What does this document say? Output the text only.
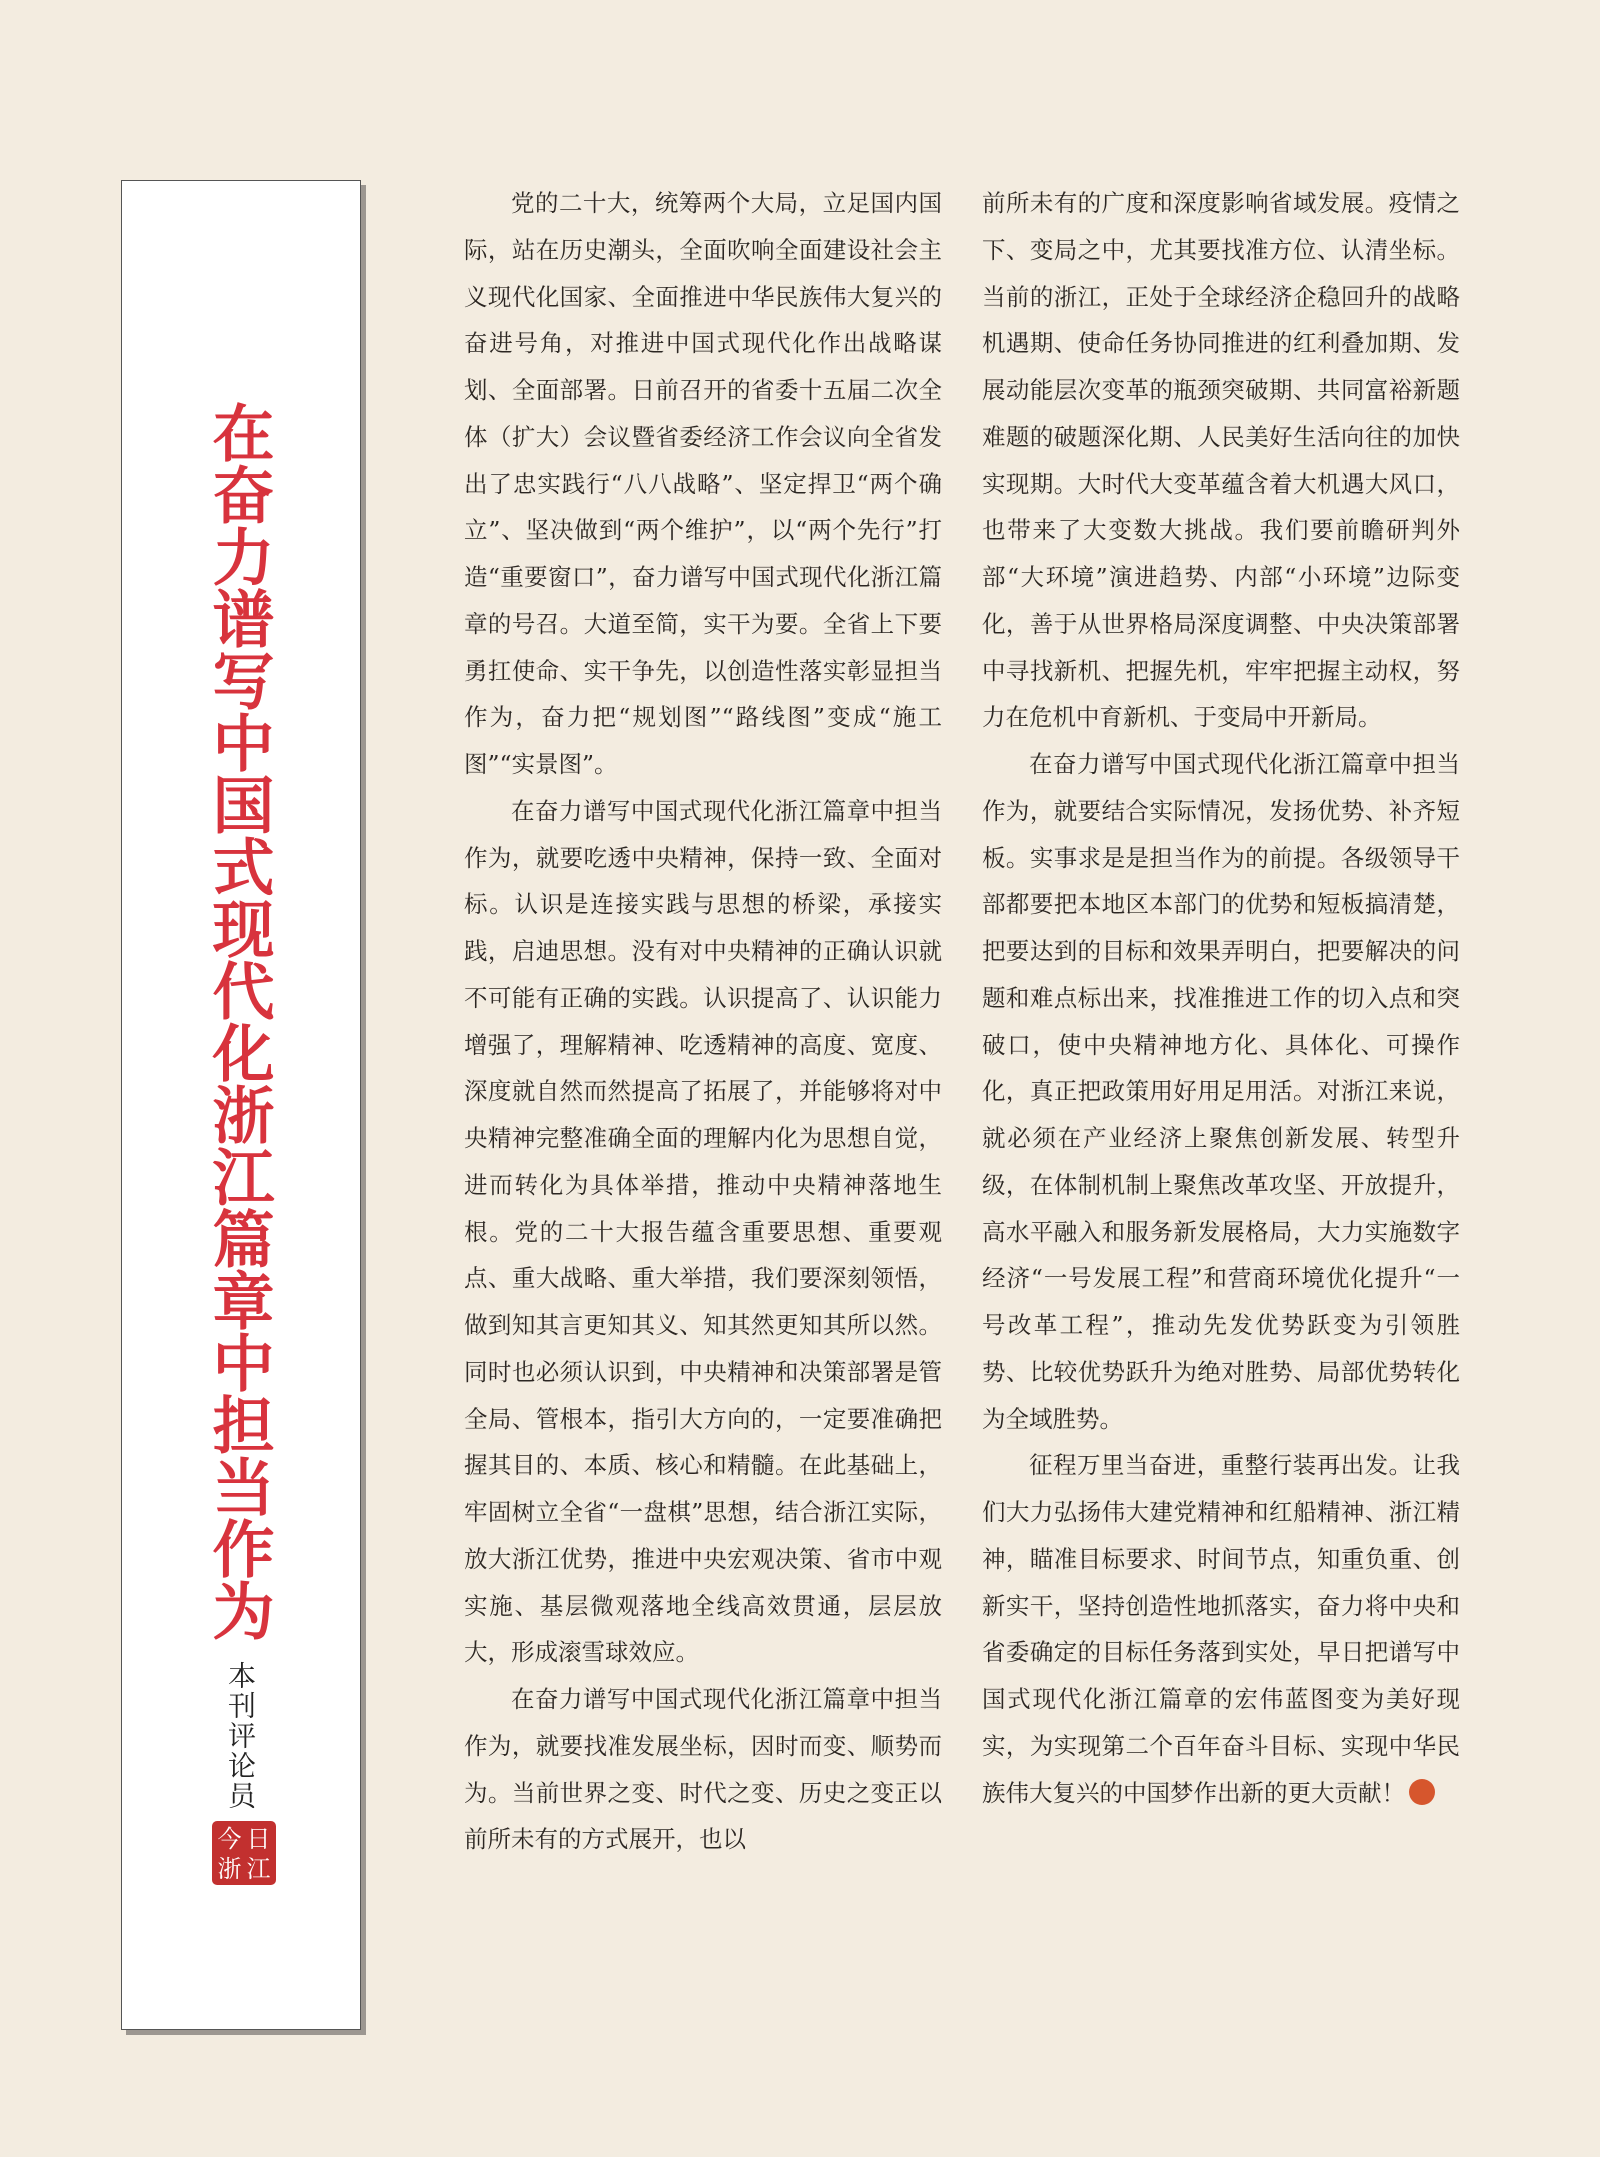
在奋力谱写中国式现代化浙江篇章中担当作为
本刊评论员
今 日
浙 江

党的二十大，统筹两个大局，立足国内国际，站在历史潮头，全面吹响全面建设社会主义现代化国家、全面推进中华民族伟大复兴的奋进号角，对推进中国式现代化作出战略谋划、全面部署。日前召开的省委十五届二次全体（扩大）会议暨省委经济工作会议向全省发出了忠实践行“八八战略”、坚定捍卫“两个确立”、坚决做到“两个维护”，以“两个先行”打造“重要窗口”，奋力谱写中国式现代化浙江篇章的号召。大道至简，实干为要。全省上下要勇扛使命、实干争先，以创造性落实彰显担当作为，奋力把“规划图”“路线图”变成“施工图”“实景图”。

在奋力谱写中国式现代化浙江篇章中担当作为，就要吃透中央精神，保持一致、全面对标。认识是连接实践与思想的桥梁，承接实践，启迪思想。没有对中央精神的正确认识就不可能有正确的实践。认识提高了、认识能力增强了，理解精神、吃透精神的高度、宽度、深度就自然而然提高了拓展了，并能够将对中央精神完整准确全面的理解内化为思想自觉，进而转化为具体举措，推动中央精神落地生根。党的二十大报告蕴含重要思想、重要观点、重大战略、重大举措，我们要深刻领悟，做到知其言更知其义、知其然更知其所以然。同时也必须认识到，中央精神和决策部署是管全局、管根本，指引大方向的，一定要准确把握其目的、本质、核心和精髓。在此基础上，牢固树立全省“一盘棋”思想，结合浙江实际，放大浙江优势，推进中央宏观决策、省市中观实施、基层微观落地全线高效贯通，层层放大，形成滚雪球效应。

在奋力谱写中国式现代化浙江篇章中担当作为，就要找准发展坐标，因时而变、顺势而为。当前世界之变、时代之变、历史之变正以前所未有的方式展开，也以

前所未有的广度和深度影响省域发展。疫情之下、变局之中，尤其要找准方位、认清坐标。当前的浙江，正处于全球经济企稳回升的战略机遇期、使命任务协同推进的红利叠加期、发展动能层次变革的瓶颈突破期、共同富裕新题难题的破题深化期、人民美好生活向往的加快实现期。大时代大变革蕴含着大机遇大风口，也带来了大变数大挑战。我们要前瞻研判外部“大环境”演进趋势、内部“小环境”边际变化，善于从世界格局深度调整、中央决策部署中寻找新机、把握先机，牢牢把握主动权，努力在危机中育新机、于变局中开新局。

在奋力谱写中国式现代化浙江篇章中担当作为，就要结合实际情况，发扬优势、补齐短板。实事求是是担当作为的前提。各级领导干部都要把本地区本部门的优势和短板搞清楚，把要达到的目标和效果弄明白，把要解决的问题和难点标出来，找准推进工作的切入点和突破口，使中央精神地方化、具体化、可操作化，真正把政策用好用足用活。对浙江来说，就必须在产业经济上聚焦创新发展、转型升级，在体制机制上聚焦改革攻坚、开放提升，高水平融入和服务新发展格局，大力实施数字经济“一号发展工程”和营商环境优化提升“一号改革工程”，推动先发优势跃变为引领胜势、比较优势跃升为绝对胜势、局部优势转化为全域胜势。

征程万里当奋进，重整行装再出发。让我们大力弘扬伟大建党精神和红船精神、浙江精神，瞄准目标要求、时间节点，知重负重、创新实干，坚持创造性地抓落实，奋力将中央和省委确定的目标任务落到实处，早日把谱写中国式现代化浙江篇章的宏伟蓝图变为美好现实，为实现第二个百年奋斗目标、实现中华民族伟大复兴的中国梦作出新的更大贡献！
